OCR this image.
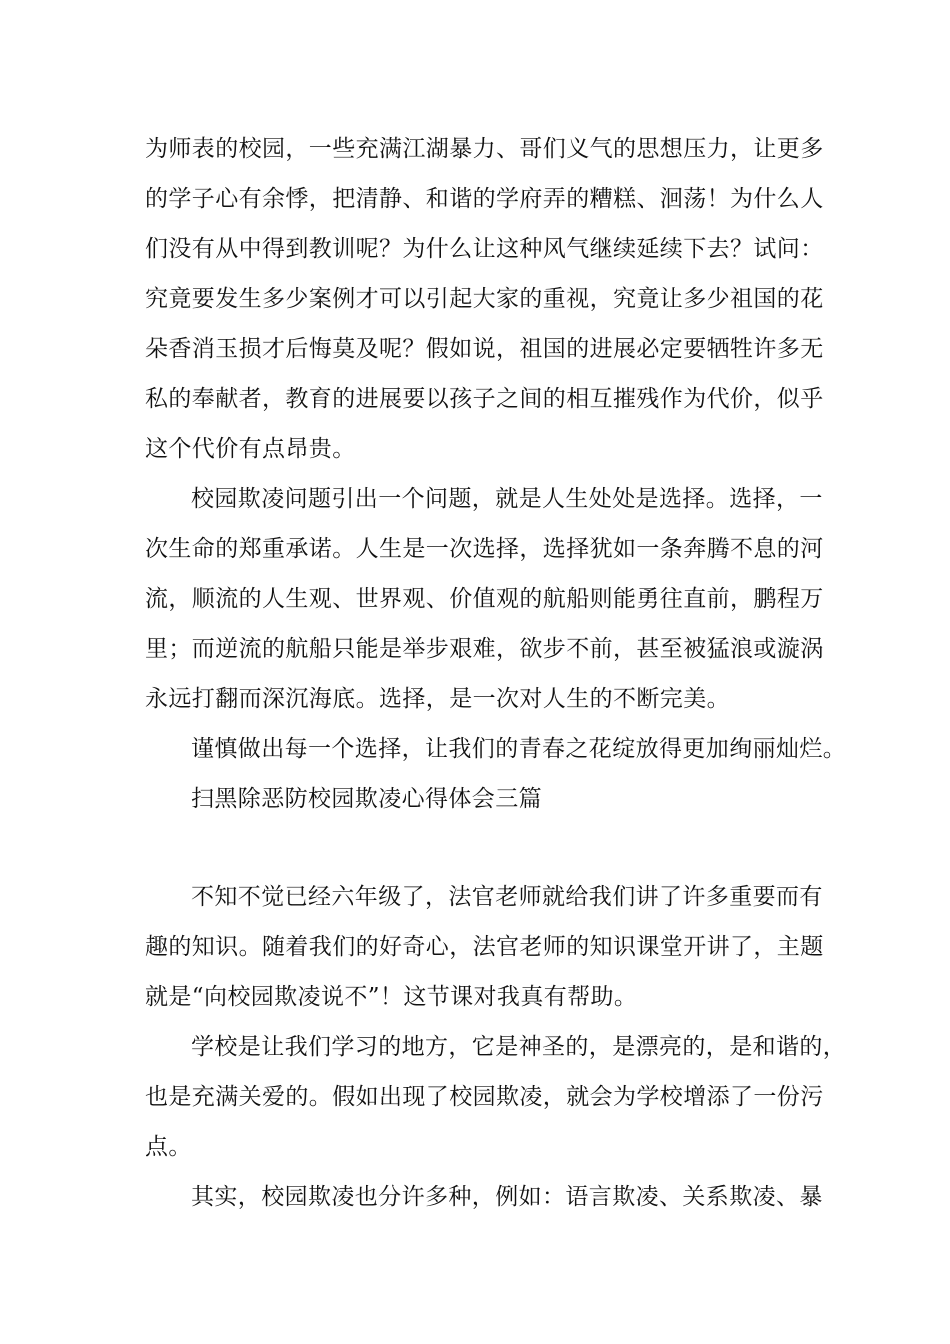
为师表的校园，一些充满江湖暴力、哥们义气的思想压力，让更多
的学子心有余悸，把清静、和谐的学府弄的糟糕、洄荡！为什么人
们没有从中得到教训呢？为什么让这种风气继续延续下去？试问：
究竟要发生多少案例才可以引起大家的重视，究竟让多少祖国的花
朵香消玉损才后悔莫及呢？假如说，祖国的进展必定要牺牲许多无
私的奉献者，教育的进展要以孩子之间的相互摧残作为代价，似乎
这个代价有点昂贵。
校园欺凌问题引出一个问题，就是人生处处是选择。选择，一
次生命的郑重承诺。人生是一次选择，选择犹如一条奔腾不息的河
流，顺流的人生观、世界观、价值观的航船则能勇往直前，鹏程万
里；而逆流的航船只能是举步艰难，欲步不前，甚至被猛浪或漩涡
永远打翻而深沉海底。选择，是一次对人生的不断完美。
谨慎做出每一个选择，让我们的青春之花绽放得更加绚丽灿烂。
扫黑除恶防校园欺凌心得体会三篇
不知不觉已经六年级了，法官老师就给我们讲了许多重要而有
趣的知识。随着我们的好奇心，法官老师的知识课堂开讲了，主题
就是“向校园欺凌说不”！这节课对我真有帮助。
学校是让我们学习的地方，它是神圣的，是漂亮的，是和谐的，
也是充满关爱的。假如出现了校园欺凌，就会为学校增添了一份污
点。
其实，校园欺凌也分许多种，例如：语言欺凌、关系欺凌、暴
